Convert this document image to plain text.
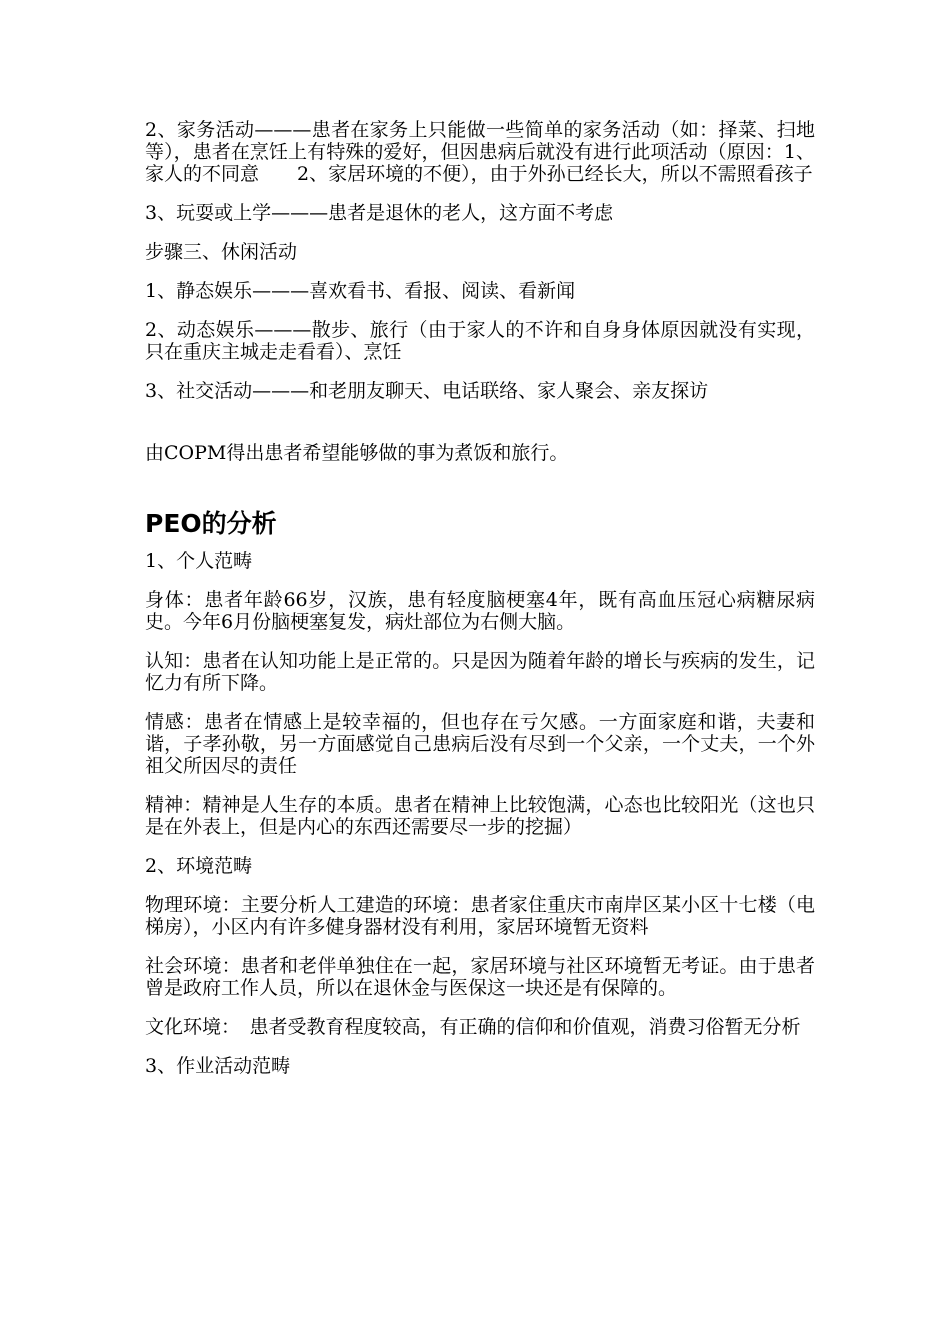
2、家务活动———患者在家务上只能做一些简单的家务活动（如：择菜、扫地等），患者在烹饪上有特殊的爱好，但因患病后就没有进行此项活动（原因：1、家人的不同意　　2、家居环境的不便），由于外孙已经长大，所以不需照看孩子

3、玩耍或上学———患者是退休的老人，这方面不考虑

步骤三、休闲活动

1、静态娱乐———喜欢看书、看报、阅读、看新闻

2、动态娱乐———散步、旅行（由于家人的不许和自身身体原因就没有实现，只在重庆主城走走看看）、烹饪

3、社交活动———和老朋友聊天、电话联络、家人聚会、亲友探访

由COPM得出患者希望能够做的事为煮饭和旅行。

PEO的分析

1、个人范畴

身体：患者年龄66岁，汉族，患有轻度脑梗塞4年，既有高血压冠心病糖尿病史。今年6月份脑梗塞复发，病灶部位为右侧大脑。

认知：患者在认知功能上是正常的。只是因为随着年龄的增长与疾病的发生，记忆力有所下降。

情感：患者在情感上是较幸福的，但也存在亏欠感。一方面家庭和谐，夫妻和谐，子孝孙敬，另一方面感觉自己患病后没有尽到一个父亲，一个丈夫，一个外祖父所因尽的责任

精神：精神是人生存的本质。患者在精神上比较饱满，心态也比较阳光（这也只是在外表上，但是内心的东西还需要尽一步的挖掘）

2、环境范畴

物理环境：主要分析人工建造的环境：患者家住重庆市南岸区某小区十七楼（电梯房），小区内有许多健身器材没有利用，家居环境暂无资料

社会环境：患者和老伴单独住在一起，家居环境与社区环境暂无考证。由于患者曾是政府工作人员，所以在退休金与医保这一块还是有保障的。

文化环境：　患者受教育程度较高，有正确的信仰和价值观，消费习俗暂无分析

3、作业活动范畴
